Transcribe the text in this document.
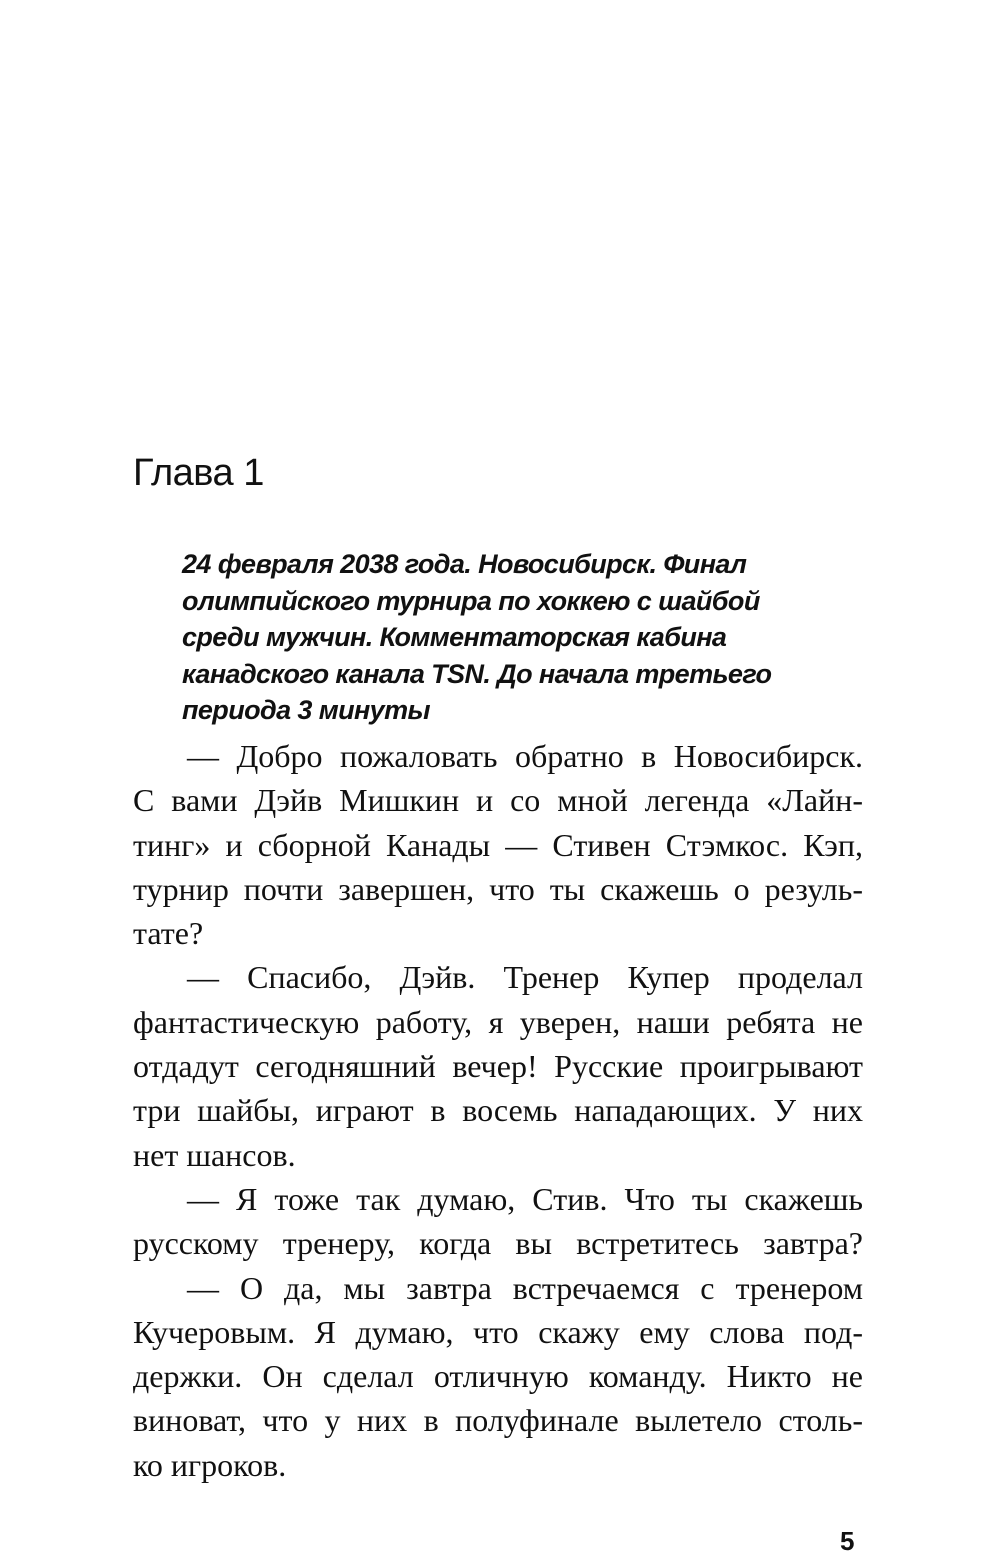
Глава 1
24 февраля 2038 года. Новосибирск. Финал
олимпийского турнира по хоккею с шайбой
среди мужчин. Комментаторская кабина
канадского канала TSN. До начала третьего
периода 3 минуты
— Добро пожаловать обратно в Новосибирск.
С вами Дэйв Мишкин и со мной легенда «Лайн-
тинг» и сборной Канады — Стивен Стэмкос. Кэп,
турнир почти завершен, что ты скажешь о резуль-
тате?
— Спасибо, Дэйв. Тренер Купер проделал
фантастическую работу, я уверен, наши ребята не
отдадут сегодняшний вечер! Русские проигрывают
три шайбы, играют в восемь нападающих. У них
нет шансов.
— Я тоже так думаю, Стив. Что ты скажешь
русскому тренеру, когда вы встретитесь завтра?
— О да, мы завтра встречаемся с тренером
Кучеровым. Я думаю, что скажу ему слова под-
держки. Он сделал отличную команду. Никто не
виноват, что у них в полуфинале вылетело столь-
ко игроков.
5
